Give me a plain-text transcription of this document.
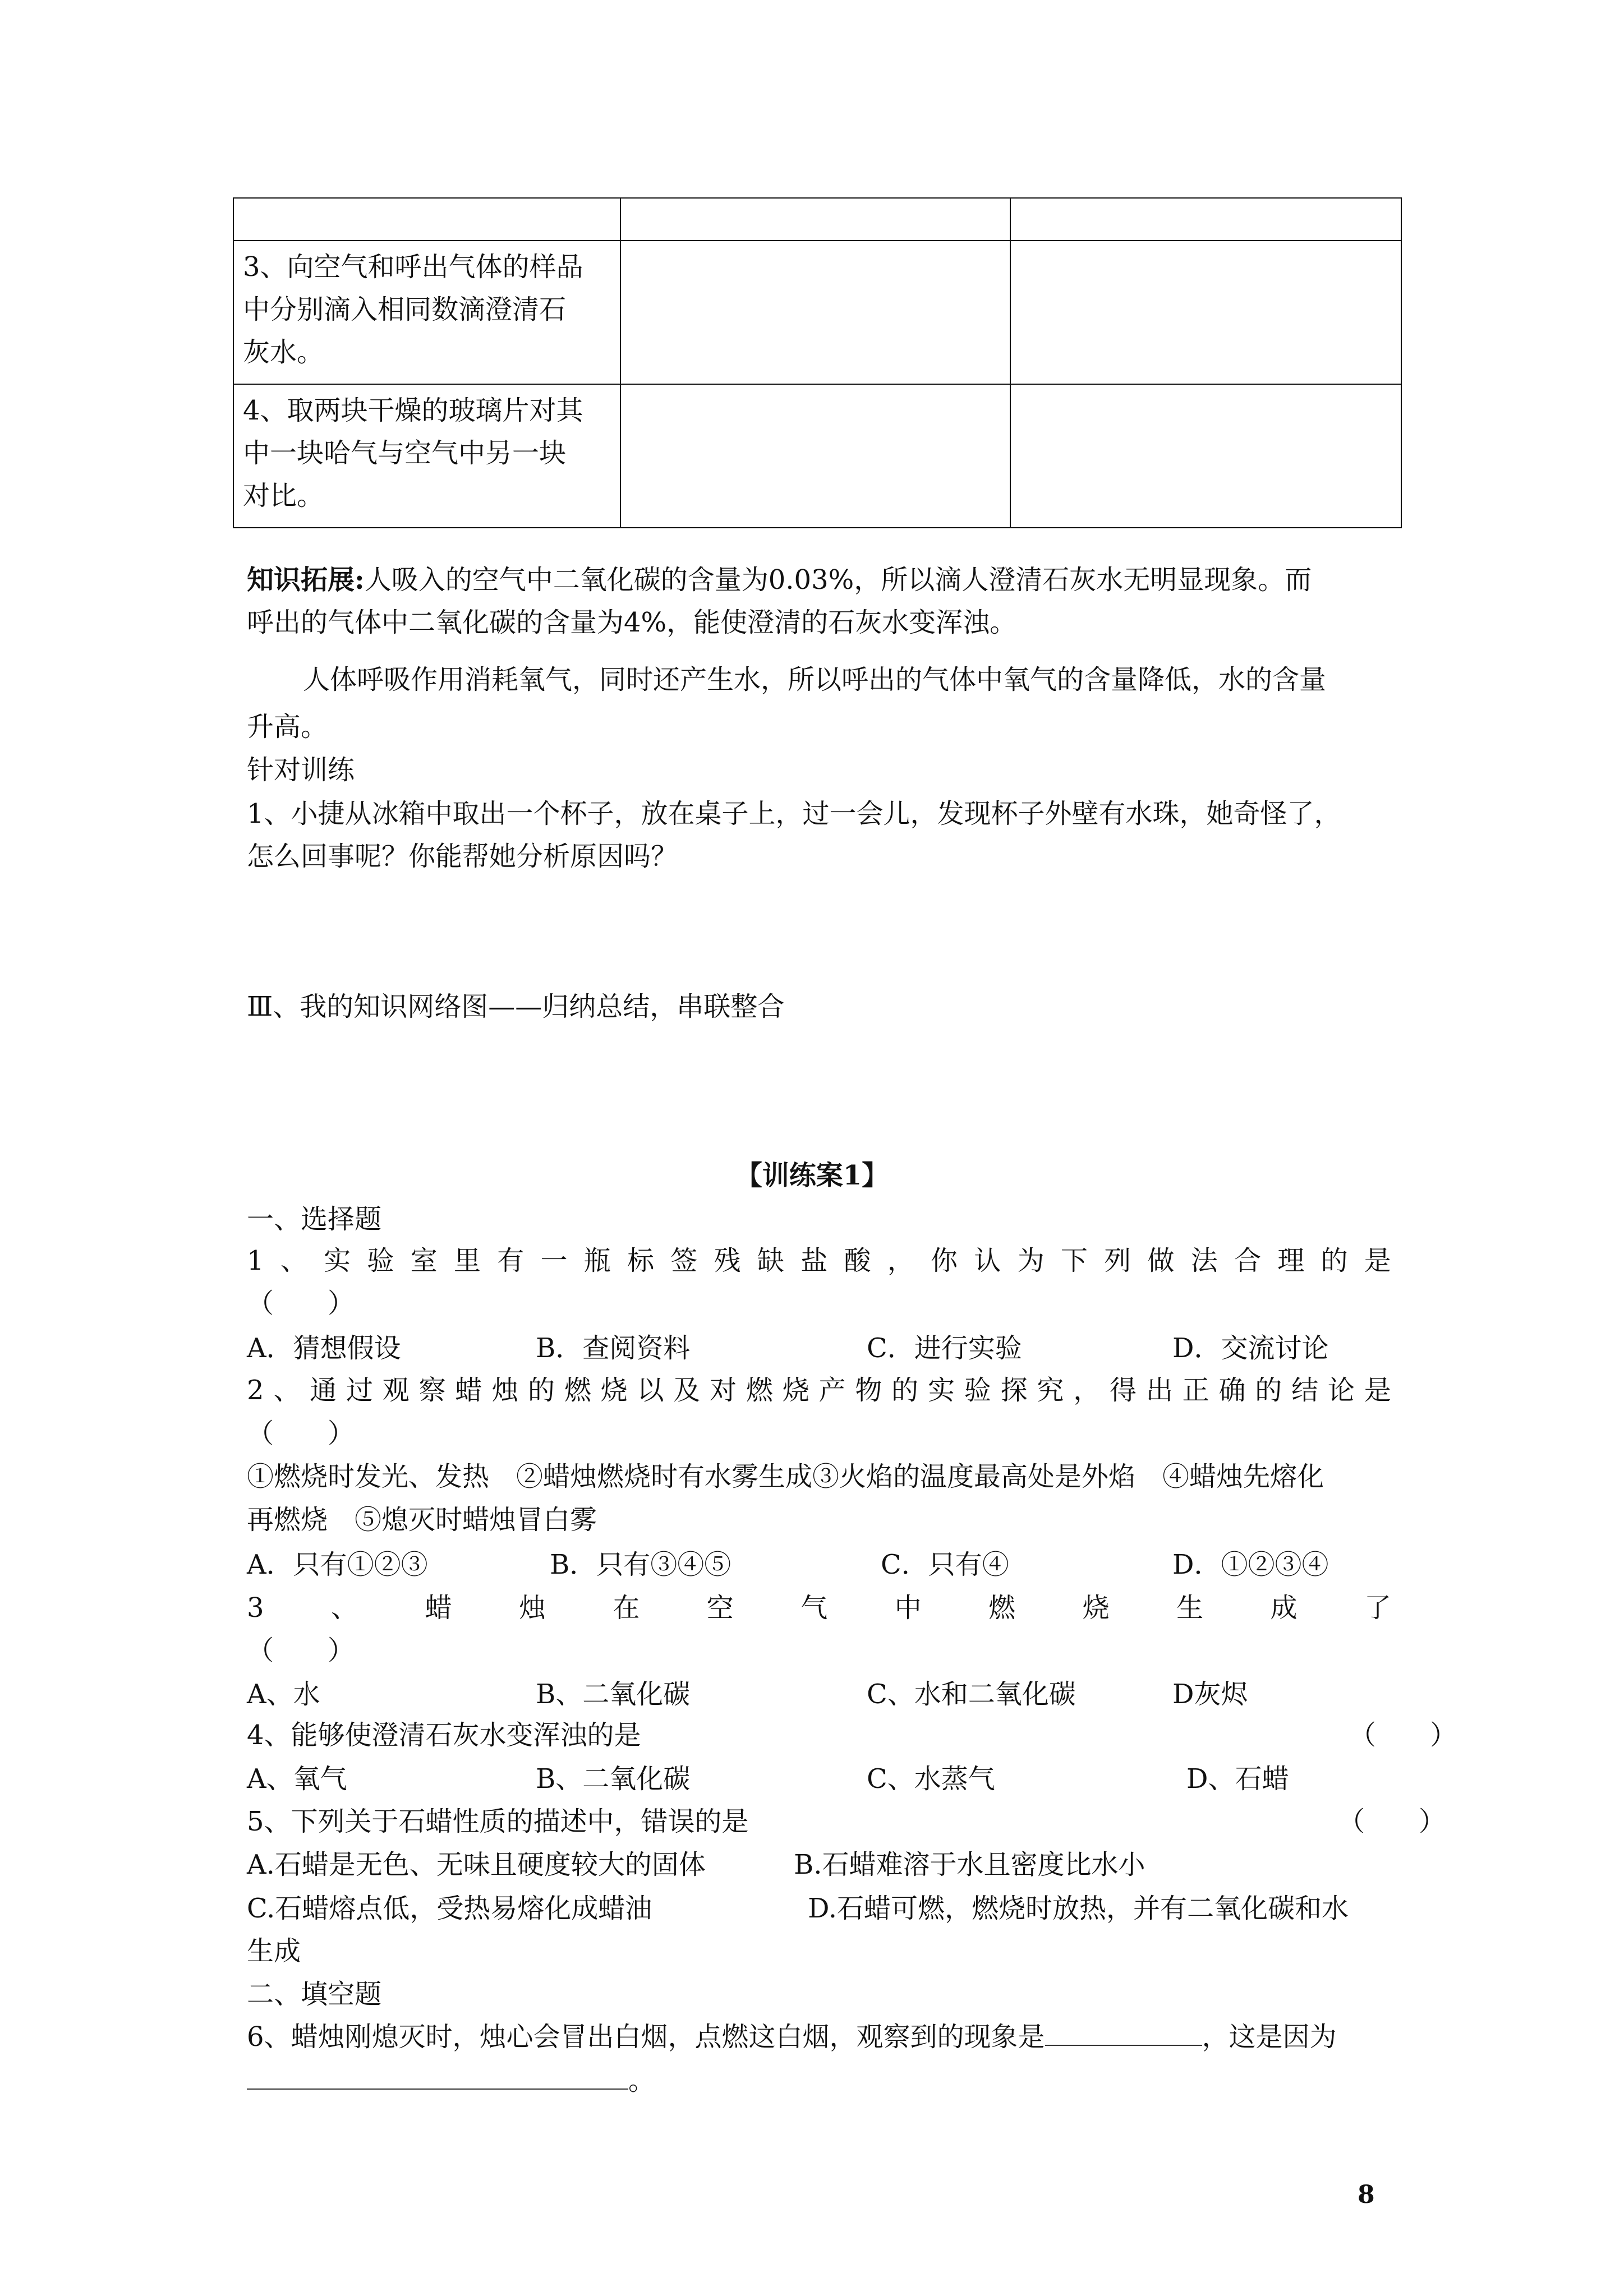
3、向空气和呼出气体的样品
中分别滴入相同数滴澄清石
灰水。		

4、取两块干燥的玻璃片对其
中一块哈气与空气中另一块
对比。		

知识拓展:人吸入的空气中二氧化碳的含量为0.03%，所以滴人澄清石灰水无明显现象。而
呼出的气体中二氧化碳的含量为4%，能使澄清的石灰水变浑浊。
人体呼吸作用消耗氧气，同时还产生水，所以呼出的气体中氧气的含量降低，水的含量
升高。
针对训练
1、小捷从冰箱中取出一个杯子，放在桌子上，过一会儿，发现杯子外壁有水珠，她奇怪了，
怎么回事呢？你能帮她分析原因吗？
Ⅲ、我的知识网络图——归纳总结，串联整合
【训练案1】
一、选择题
1 、 实 验 室 里 有 一 瓶 标 签 残 缺 盐 酸 ， 你 认 为 下 列 做 法 合 理 的 是
（　　）
A．猜想假设	B．查阅资料	C．进行实验	D．交流讨论
2 、 通 过 观 察 蜡 烛 的 燃 烧 以 及 对 燃 烧 产 物 的 实 验 探 究 ， 得 出 正 确 的 结 论 是
（　　）
①燃烧时发光、发热　②蜡烛燃烧时有水雾生成③火焰的温度最高处是外焰　④蜡烛先熔化
再燃烧　⑤熄灭时蜡烛冒白雾
A．只有①②③	B．只有③④⑤	C．只有④	D．①②③④
3 、 蜡 烛 在 空 气 中 燃 烧 生 成 了
（　　）
A、水	B、二氧化碳	C、水和二氧化碳	D灰烬
4、能够使澄清石灰水变浑浊的是	（　　）
A、氧气	B、二氧化碳	C、水蒸气	D、石蜡
5、下列关于石蜡性质的描述中，错误的是	（　　）
A.石蜡是无色、无味且硬度较大的固体	B.石蜡难溶于水且密度比水小
C.石蜡熔点低，受热易熔化成蜡油	D.石蜡可燃，燃烧时放热，并有二氧化碳和水
生成
二、填空题
6、蜡烛刚熄灭时，烛心会冒出白烟，点燃这白烟，观察到的现象是	，这是因为
。
8
